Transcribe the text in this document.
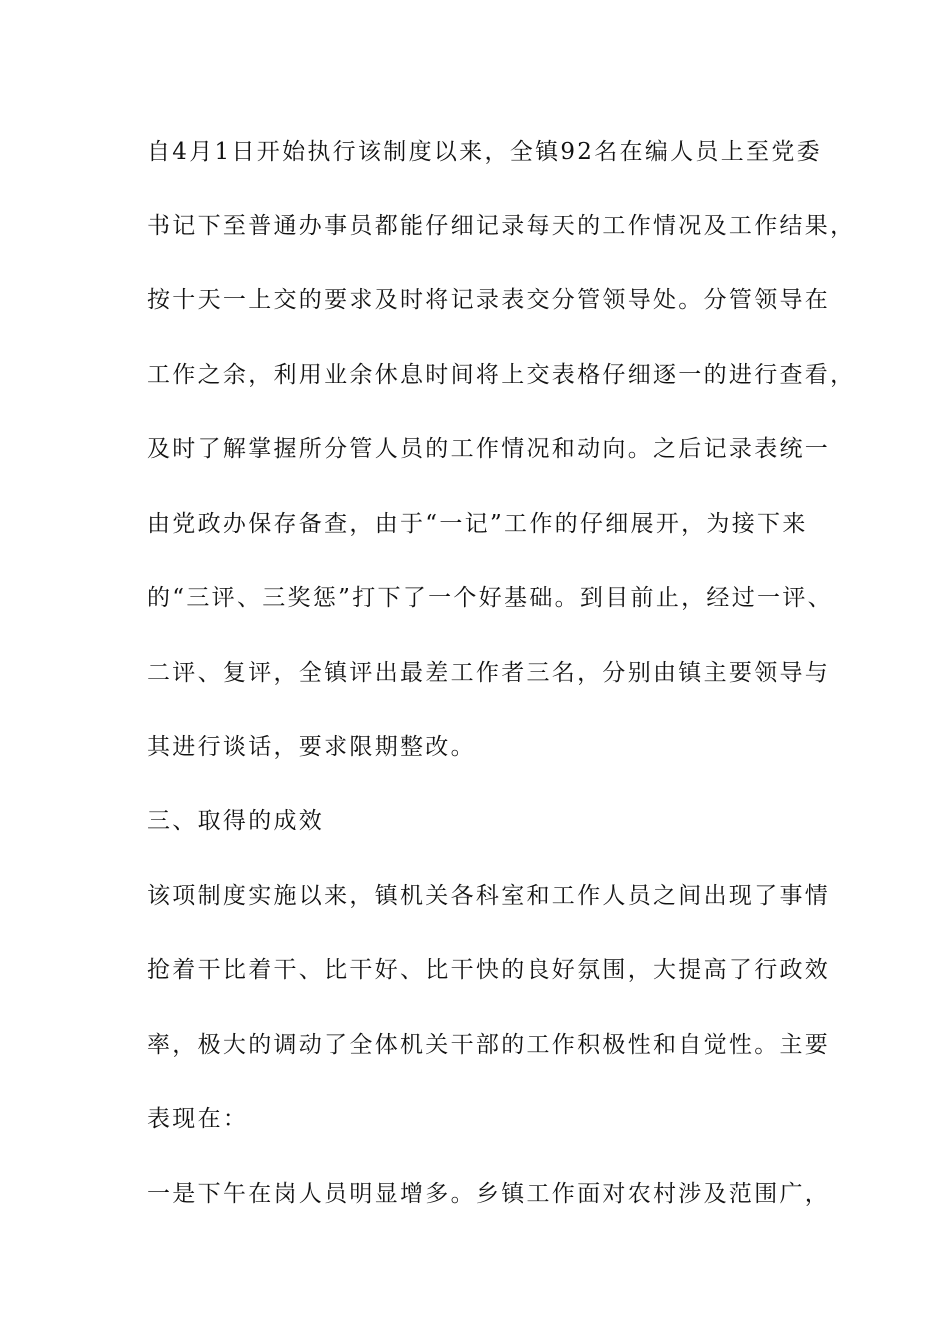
自4月1日开始执行该制度以来，全镇92名在编人员上至党委
书记下至普通办事员都能仔细记录每天的工作情况及工作结果，
按十天一上交的要求及时将记录表交分管领导处。分管领导在
工作之余，利用业余休息时间将上交表格仔细逐一的进行查看，
及时了解掌握所分管人员的工作情况和动向。之后记录表统一
由党政办保存备查，由于“一记”工作的仔细展开，为接下来
的“三评、三奖惩”打下了一个好基础。到目前止，经过一评、
二评、复评，全镇评出最差工作者三名，分别由镇主要领导与
其进行谈话，要求限期整改。
三、取得的成效
该项制度实施以来，镇机关各科室和工作人员之间出现了事情
抢着干比着干、比干好、比干快的良好氛围，大提高了行政效
率，极大的调动了全体机关干部的工作积极性和自觉性。主要
表现在：
一是下午在岗人员明显增多。乡镇工作面对农村涉及范围广，
